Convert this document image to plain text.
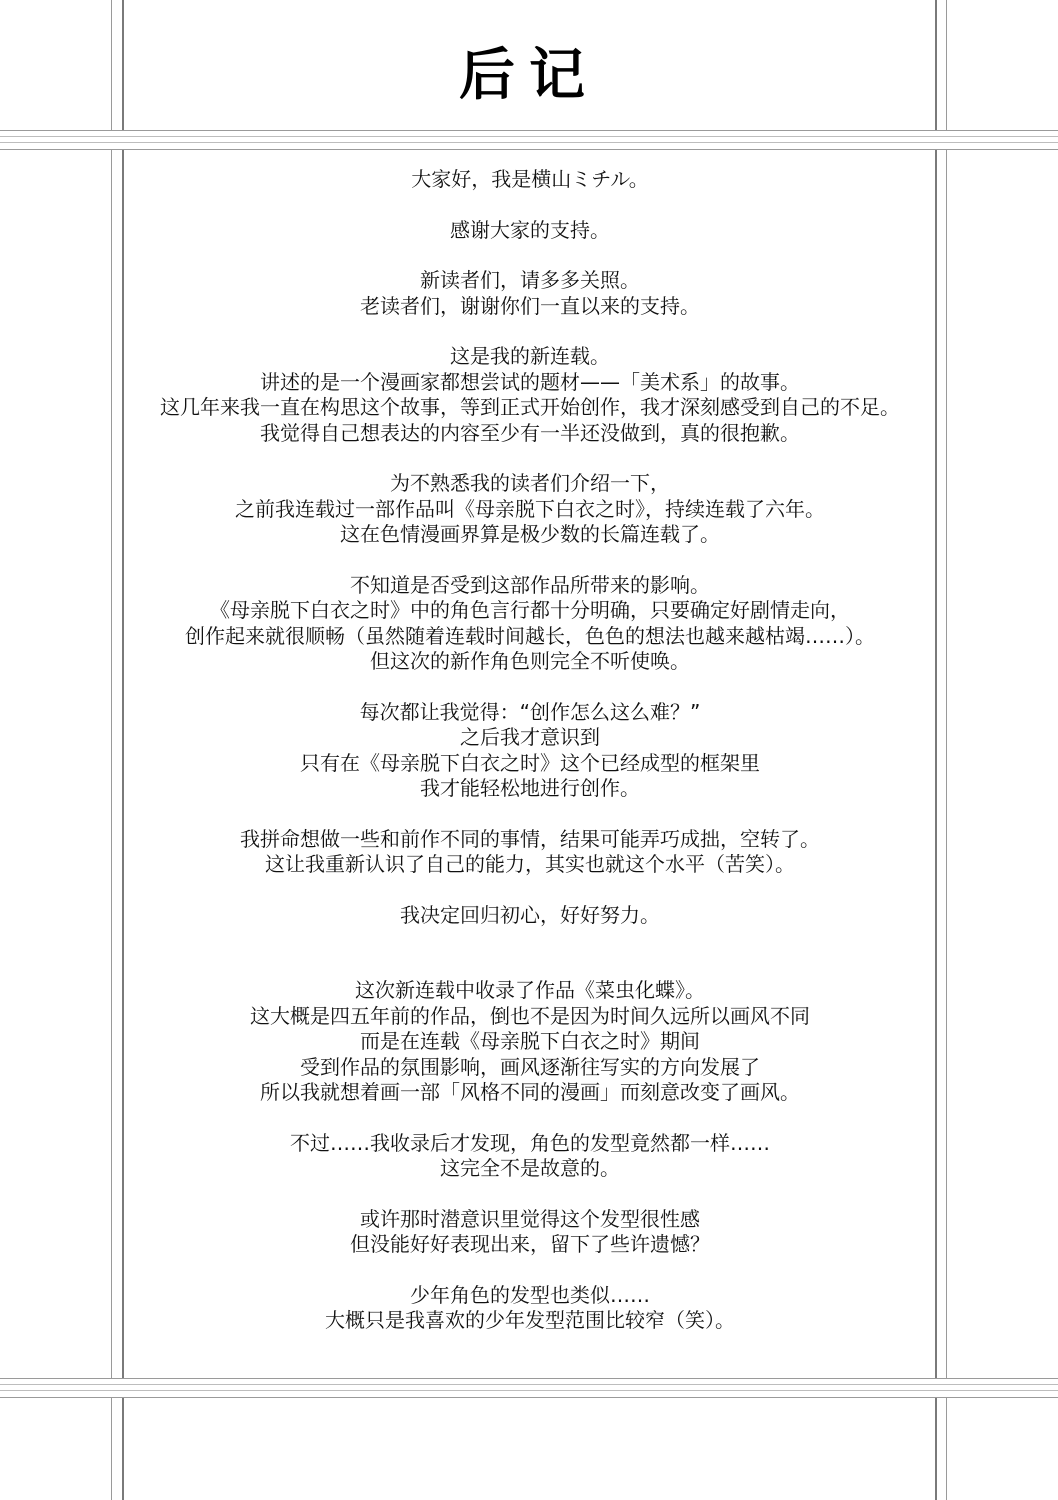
后记
大家好，我是横山ミチル。
感谢大家的支持。
新读者们，请多多关照。
老读者们，谢谢你们一直以来的支持。
这是我的新连载。
讲述的是一个漫画家都想尝试的题材——「美术系」的故事。
这几年来我一直在构思这个故事，等到正式开始创作，我才深刻感受到自己的不足。
我觉得自己想表达的内容至少有一半还没做到，真的很抱歉。
为不熟悉我的读者们介绍一下，
之前我连载过一部作品叫《母亲脱下白衣之时》，持续连载了六年。
这在色情漫画界算是极少数的长篇连载了。
不知道是否受到这部作品所带来的影响。
《母亲脱下白衣之时》中的角色言行都十分明确，只要确定好剧情走向，
创作起来就很顺畅（虽然随着连载时间越长，色色的想法也越来越枯竭……）。
但这次的新作角色则完全不听使唤。
每次都让我觉得：“创作怎么这么难？”
之后我才意识到
只有在《母亲脱下白衣之时》这个已经成型的框架里
我才能轻松地进行创作。
我拼命想做一些和前作不同的事情，结果可能弄巧成拙，空转了。
这让我重新认识了自己的能力，其实也就这个水平（苦笑）。
我决定回归初心，好好努力。
这次新连载中收录了作品《菜虫化蝶》。
这大概是四五年前的作品，倒也不是因为时间久远所以画风不同
而是在连载《母亲脱下白衣之时》期间
受到作品的氛围影响，画风逐渐往写实的方向发展了
所以我就想着画一部「风格不同的漫画」而刻意改变了画风。
不过……我收录后才发现，角色的发型竟然都一样……
这完全不是故意的。
或许那时潜意识里觉得这个发型很性感
但没能好好表现出来，留下了些许遗憾？
少年角色的发型也类似……
大概只是我喜欢的少年发型范围比较窄（笑）。
